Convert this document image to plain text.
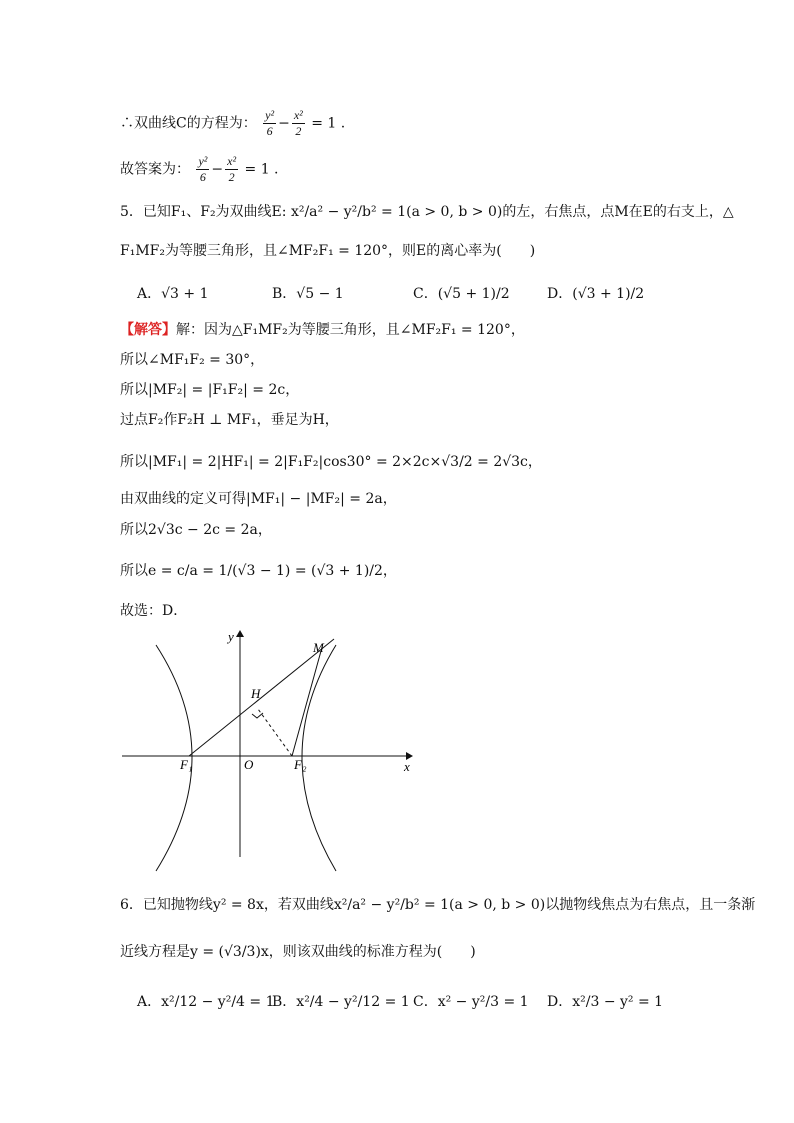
∴双曲线C的方程为： $\frac{\text{y²}}{6} - \frac{\text{x²}}{2} = 1$ .
故答案为： $\frac{\text{y²}}{6} - \frac{\text{x²}}{2} = 1$ .
5．已知F₁、F₂为双曲线E: x²/a² − y²/b² = 1(a > 0, b > 0)的左，右焦点，点M在E的右支上，△
F₁MF₂为等腰三角形，且∠MF₂F₁ = 120°，则E的离心率为(　　)
A．√3 + 1	B．√5 − 1	C．(√5 + 1)/2	D．(√3 + 1)/2
【解答】解：因为△F₁MF₂为等腰三角形，且∠MF₂F₁ = 120°，
所以∠MF₁F₂ = 30°，
所以|MF₂| = |F₁F₂| = 2c，
过点F₂作F₂H ⊥ MF₁，垂足为H，
所以|MF₁| = 2|HF₁| = 2|F₁F₂|cos30° = 2×2c×√3/2 = 2√3c，
由双曲线的定义可得|MF₁| − |MF₂| = 2a，
所以2√3c − 2c = 2a，
所以e = c/a = 1/(√3 − 1) = (√3 + 1)/2，
故选：D．
y
x
O
F₁	F₂
M
H
6．已知抛物线y² = 8x，若双曲线x²/a² − y²/b² = 1(a > 0, b > 0)以抛物线焦点为右焦点，且一条渐
近线方程是y = (√3/3)x，则该双曲线的标准方程为(　　)
A．x²/12 − y²/4 = 1
B．x²/4 − y²/12 = 1 C．x² − y²/3 = 1 D．x²/3 − y² = 1
